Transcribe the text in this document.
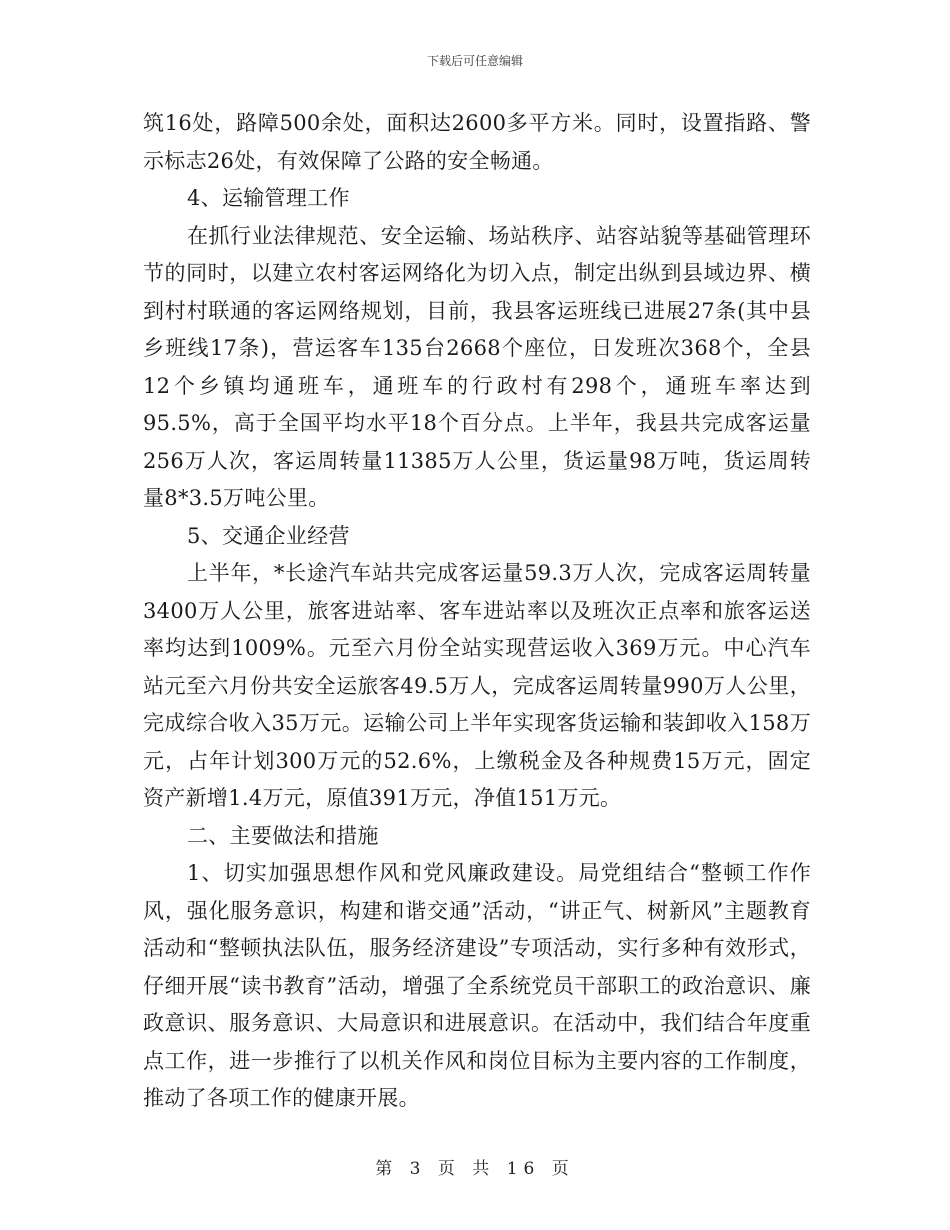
下载后可任意编辑

筑16处，路障500余处，面积达2600多平方米。同时，设置指路、警示标志26处，有效保障了公路的安全畅通。

4、运输管理工作

在抓行业法律规范、安全运输、场站秩序、站容站貌等基础管理环节的同时，以建立农村客运网络化为切入点，制定出纵到县域边界、横到村村联通的客运网络规划，目前，我县客运班线已进展27条(其中县乡班线17条)，营运客车135台2668个座位，日发班次368个，全县12个乡镇均通班车，通班车的行政村有298个，通班车率达到95.5%，高于全国平均水平18个百分点。上半年，我县共完成客运量256万人次，客运周转量11385万人公里，货运量98万吨，货运周转量8*3.5万吨公里。

5、交通企业经营

上半年，*长途汽车站共完成客运量59.3万人次，完成客运周转量3400万人公里，旅客进站率、客车进站率以及班次正点率和旅客运送率均达到1009%。元至六月份全站实现营运收入369万元。中心汽车站元至六月份共安全运旅客49.5万人，完成客运周转量990万人公里，完成综合收入35万元。运输公司上半年实现客货运输和装卸收入158万元，占年计划300万元的52.6%，上缴税金及各种规费15万元，固定资产新增1.4万元，原值391万元，净值151万元。

二、主要做法和措施

1、切实加强思想作风和党风廉政建设。局党组结合“整顿工作作风，强化服务意识，构建和谐交通”活动，“讲正气、树新风”主题教育活动和“整顿执法队伍，服务经济建设”专项活动，实行多种有效形式，仔细开展“读书教育”活动，增强了全系统党员干部职工的政治意识、廉政意识、服务意识、大局意识和进展意识。在活动中，我们结合年度重点工作，进一步推行了以机关作风和岗位目标为主要内容的工作制度，推动了各项工作的健康开展。

第 3 页 共 16 页
